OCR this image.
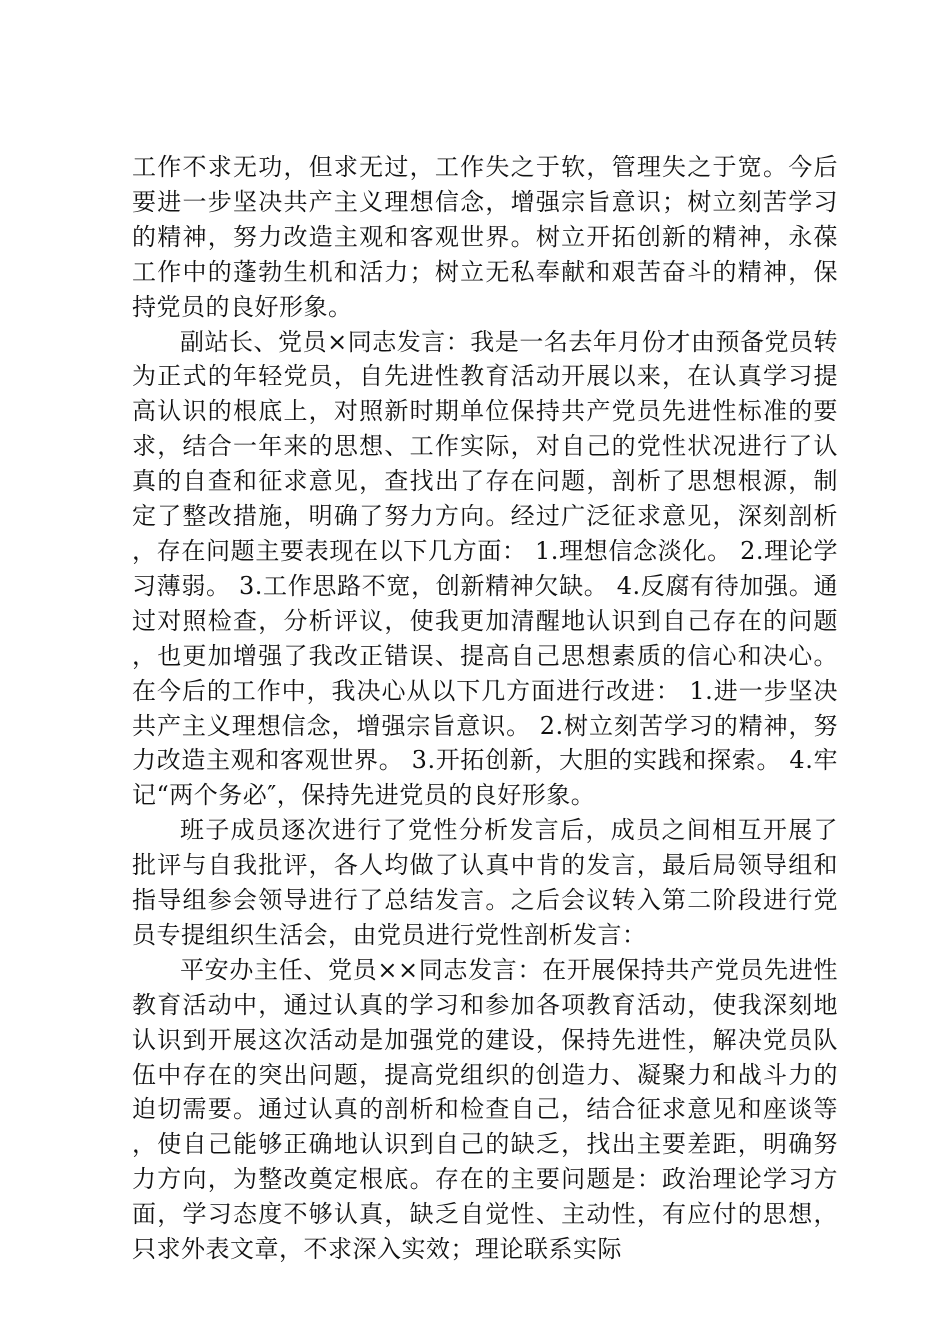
工作不求无功，但求无过，工作失之于软，管理失之于宽。今后要进一步坚决共产主义理想信念，增强宗旨意识；树立刻苦学习的精神，努力改造主观和客观世界。树立开拓创新的精神，永葆工作中的蓬勃生机和活力；树立无私奉献和艰苦奋斗的精神，保持党员的良好形象。

副站长、党员×同志发言：我是一名去年月份才由预备党员转为正式的年轻党员，自先进性教育活动开展以来，在认真学习提高认识的根底上，对照新时期单位保持共产党员先进性标准的要求，结合一年来的思想、工作实际，对自己的党性状况进行了认真的自查和征求意见，查找出了存在问题，剖析了思想根源，制定了整改措施，明确了努力方向。经过广泛征求意见，深刻剖析，存在问题主要表现在以下几方面： 1.理想信念淡化。 2.理论学习薄弱。 3.工作思路不宽，创新精神欠缺。 4.反腐有待加强。通过对照检查，分析评议，使我更加清醒地认识到自己存在的问题，也更加增强了我改正错误、提高自己思想素质的信心和决心。在今后的工作中，我决心从以下几方面进行改进： 1.进一步坚决共产主义理想信念，增强宗旨意识。 2.树立刻苦学习的精神，努力改造主观和客观世界。 3.开拓创新，大胆的实践和探索。 4.牢记“两个务必″，保持先进党员的良好形象。

班子成员逐次进行了党性分析发言后，成员之间相互开展了批评与自我批评，各人均做了认真中肯的发言，最后局领导组和指导组参会领导进行了总结发言。之后会议转入第二阶段进行党员专提组织生活会，由党员进行党性剖析发言：

平安办主任、党员××同志发言：在开展保持共产党员先进性教育活动中，通过认真的学习和参加各项教育活动，使我深刻地认识到开展这次活动是加强党的建设，保持先进性，解决党员队伍中存在的突出问题，提高党组织的创造力、凝聚力和战斗力的迫切需要。通过认真的剖析和检查自己，结合征求意见和座谈等，使自己能够正确地认识到自己的缺乏，找出主要差距，明确努力方向，为整改奠定根底。存在的主要问题是：政治理论学习方面，学习态度不够认真，缺乏自觉性、主动性，有应付的思想，只求外表文章，不求深入实效；理论联系实际
